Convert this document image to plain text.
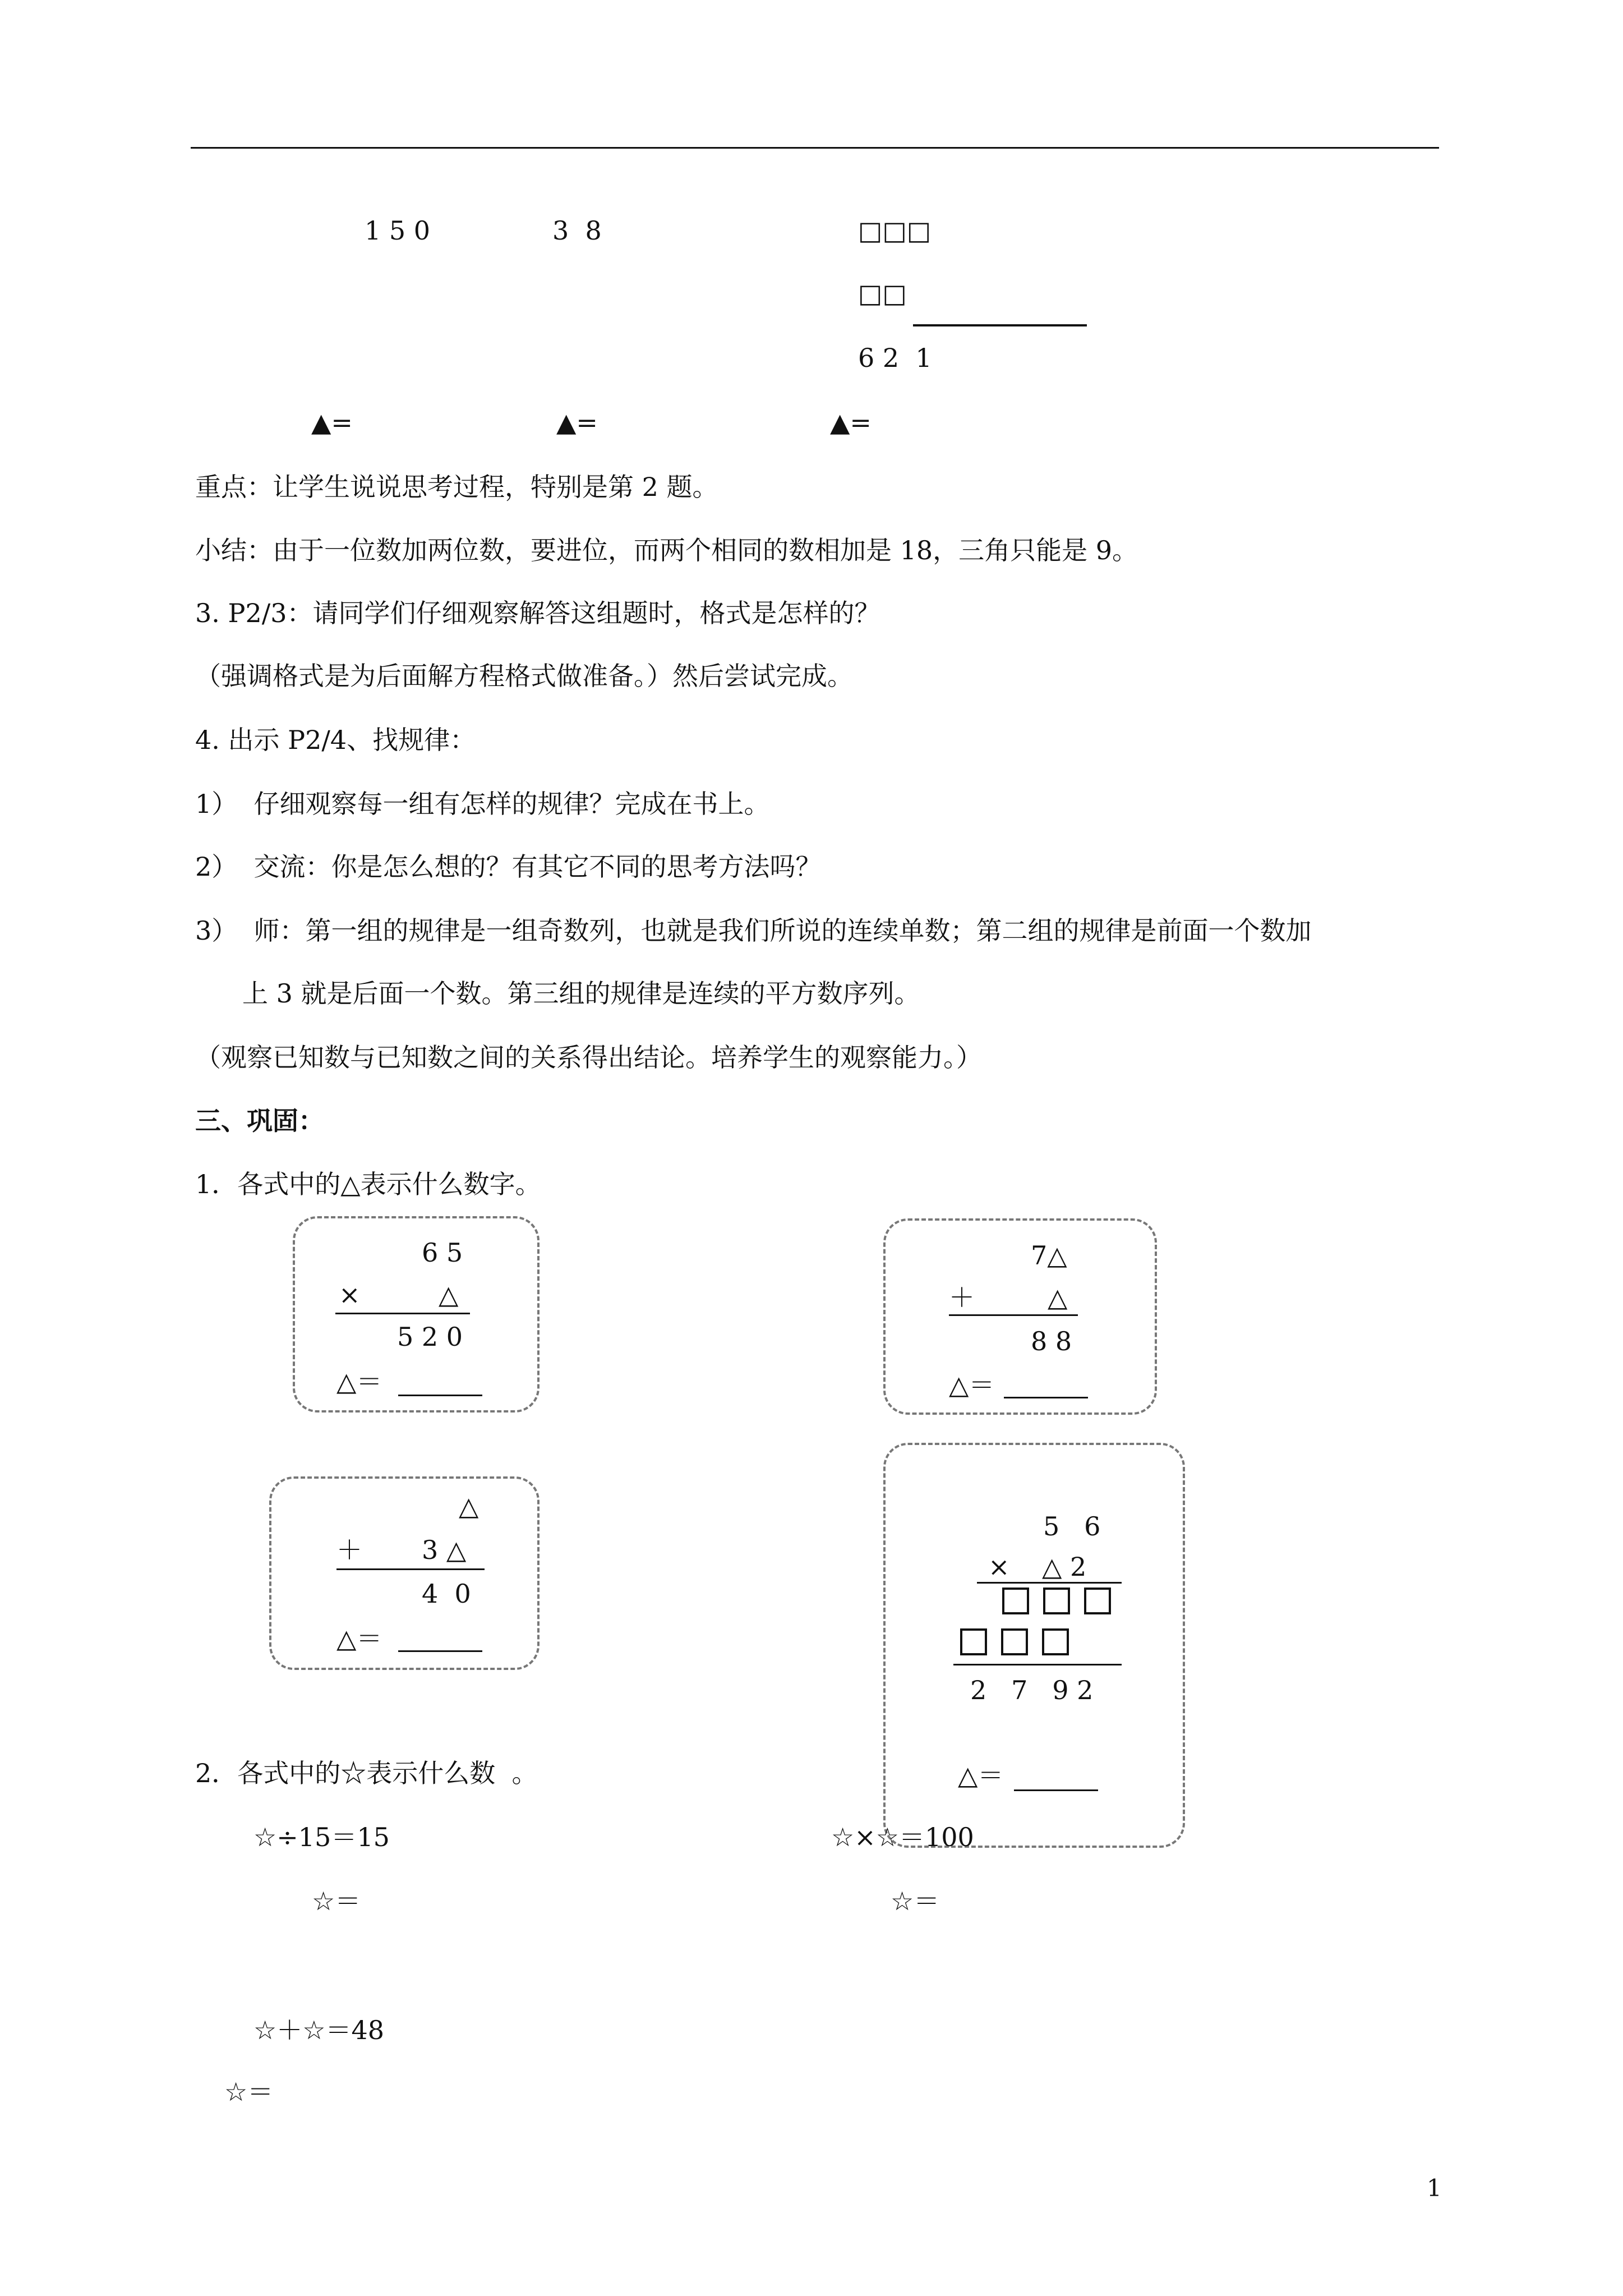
1 5 0	3  8	□□□
□□
6 2  1
▲=	▲=	▲=
重点：让学生说说思考过程，特别是第 2 题。
小结：由于一位数加两位数，要进位，而两个相同的数相加是 18，三角只能是 9。
3. P2/3：请同学们仔细观察解答这组题时，格式是怎样的？
（强调格式是为后面解方程格式做准备。）然后尝试完成。
4. 出示 P2/4、找规律：
1）  仔细观察每一组有怎样的规律？完成在书上。
2）  交流：你是怎么想的？有其它不同的思考方法吗？
3）  师：第一组的规律是一组奇数列，也就是我们所说的连续单数；第二组的规律是前面一个数加
上 3 就是后面一个数。第三组的规律是连续的平方数序列。
（观察已知数与已知数之间的关系得出结论。培养学生的观察能力。）
三、巩固：
1．各式中的△表示什么数字。
6 5
×	△
5 2 0
△＝
7△
＋	△
8 8
△＝
△
＋ 3 △
4  0
△＝
5   6
× △ 2
2   7   9 2
△＝
2．各式中的☆表示什么数  。
☆÷15＝15
☆＝
☆×☆＝100
☆＝
☆＋☆＝48
☆＝
1
